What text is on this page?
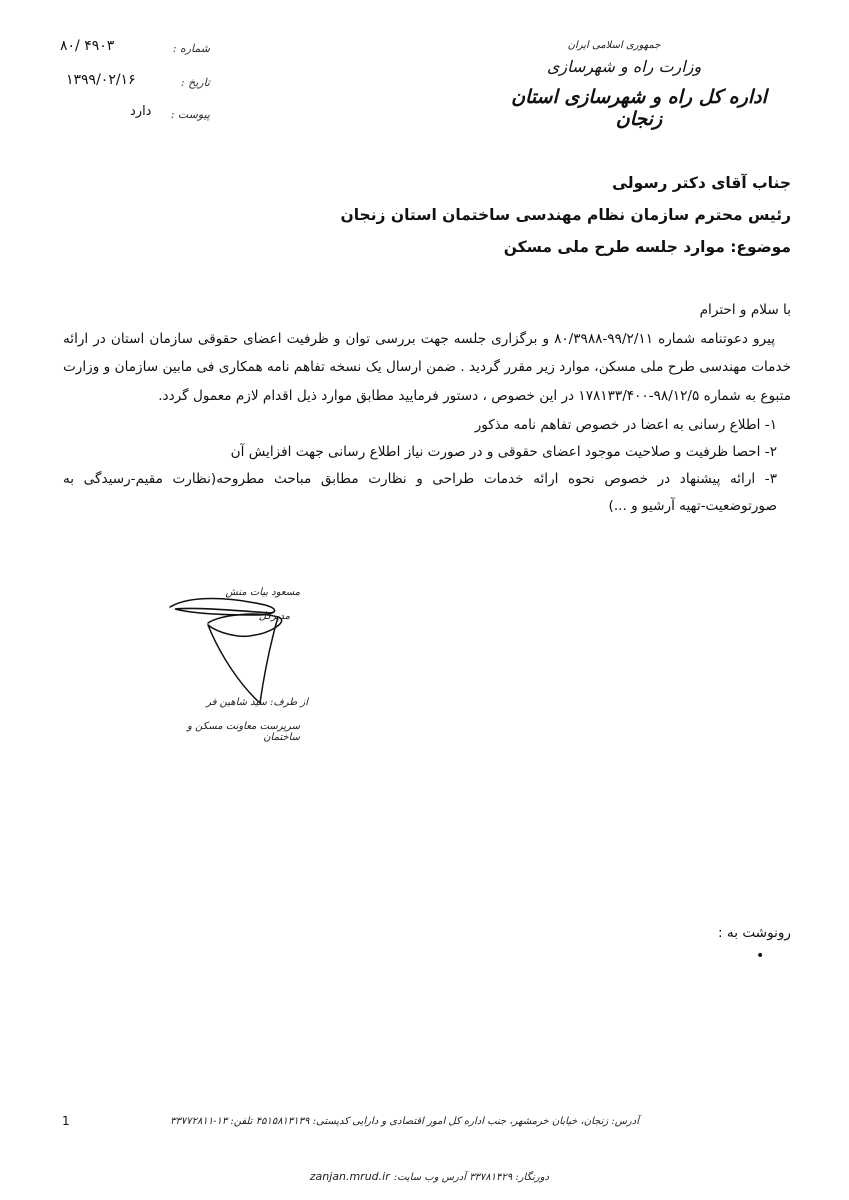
۸۰/ ۴۹۰۳	شماره :
۱۳۹۹/۰۲/۱۶	تاریخ :
دارد پیوست :
جمهوری اسلامی ایران
وزارت راه و شهرسازی
اداره کل راه و شهرسازی استان زنجان
جناب آقای دکتر رسولی
رئیس محترم سازمان نظام مهندسی ساختمان استان زنجان
موضوع: موارد جلسه طرح ملی مسکن
با سلام و احترام
پیرو دعوتنامه شماره ۹۹/۲/۱۱-۸۰/۳۹۸۸ و برگزاری جلسه جهت بررسی توان و ظرفیت اعضای حقوقی سازمان استان در ارائه خدمات مهندسی طرح ملی مسکن، موارد زیر مقرر گردید . ضمن ارسال یک نسخه تفاهم نامه همکاری فی مابین سازمان و وزارت متبوع به شماره ۹۸/۱۲/۵-۱۷۸۱۳۳/۴۰۰ در این خصوص ، دستور فرمایید مطابق موارد ذیل اقدام لازم معمول گردد.
۱- اطلاع رسانی به اعضا در خصوص تفاهم نامه مذکور
۲- احصا ظرفیت و صلاحیت موجود اعضای حقوقی و در صورت نیاز اطلاع رسانی جهت افزایش آن
۳- ارائه پیشنهاد در خصوص نحوه ارائه خدمات طراحی و نظارت مطابق مباحث مطروحه(نظارت مقیم-رسیدگی به صورتوضعیت-تهیه آرشیو و ...)
مسعود بیات منش
مدیرکل
از طرف: سید شاهین فر
سرپرست معاونت مسکن و ساختمان
رونوشت به :
•
1	آدرس: زنجان، خیابان خرمشهر، جنب اداره کل امور اقتصادی و دارایی کدپستی: ۴۵۱۵۸۱۳۱۳۹ تلفن: ۱۳-۳۳۷۷۲۸۱۱
دورنگار: ۳۳۷۸۱۴۲۹ آدرس وب سایت:
zanjan.mrud.ir
